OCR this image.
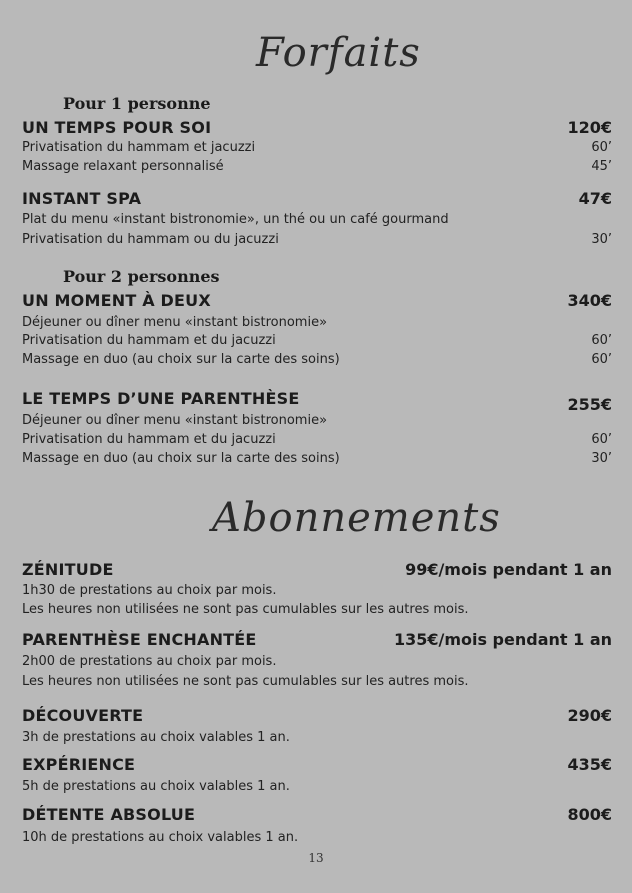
Forfaits
Pour 1 personne
UN TEMPS POUR SOI	120€
Privatisation du hammam et jacuzzi	60’
Massage relaxant personnalisé	45’
INSTANT SPA	47€
Plat du menu «instant bistronomie», un thé ou un café gourmand
Privatisation du hammam ou du jacuzzi	30’
Pour 2 personnes
UN MOMENT À DEUX	340€
Déjeuner ou dîner menu «instant bistronomie»
Privatisation du hammam et du jacuzzi	60’
Massage en duo (au choix sur la carte des soins)	60’
LE TEMPS D’UNE PARENTHÈSE	255€
Déjeuner ou dîner menu «instant bistronomie»
Privatisation du hammam et du jacuzzi	60’
Massage en duo (au choix sur la carte des soins)	30’
Abonnements
ZÉNITUDE	99€/mois pendant 1 an
1h30 de prestations au choix par mois.
Les heures non utilisées ne sont pas cumulables sur les autres mois.
PARENTHÈSE ENCHANTÉE	135€/mois pendant 1 an
2h00 de prestations au choix par mois.
Les heures non utilisées ne sont pas cumulables sur les autres mois.
DÉCOUVERTE	290€
3h de prestations au choix valables 1 an.
EXPÉRIENCE	435€
5h de prestations au choix valables 1 an.
DÉTENTE ABSOLUE	800€
10h de prestations au choix valables 1 an.
13
